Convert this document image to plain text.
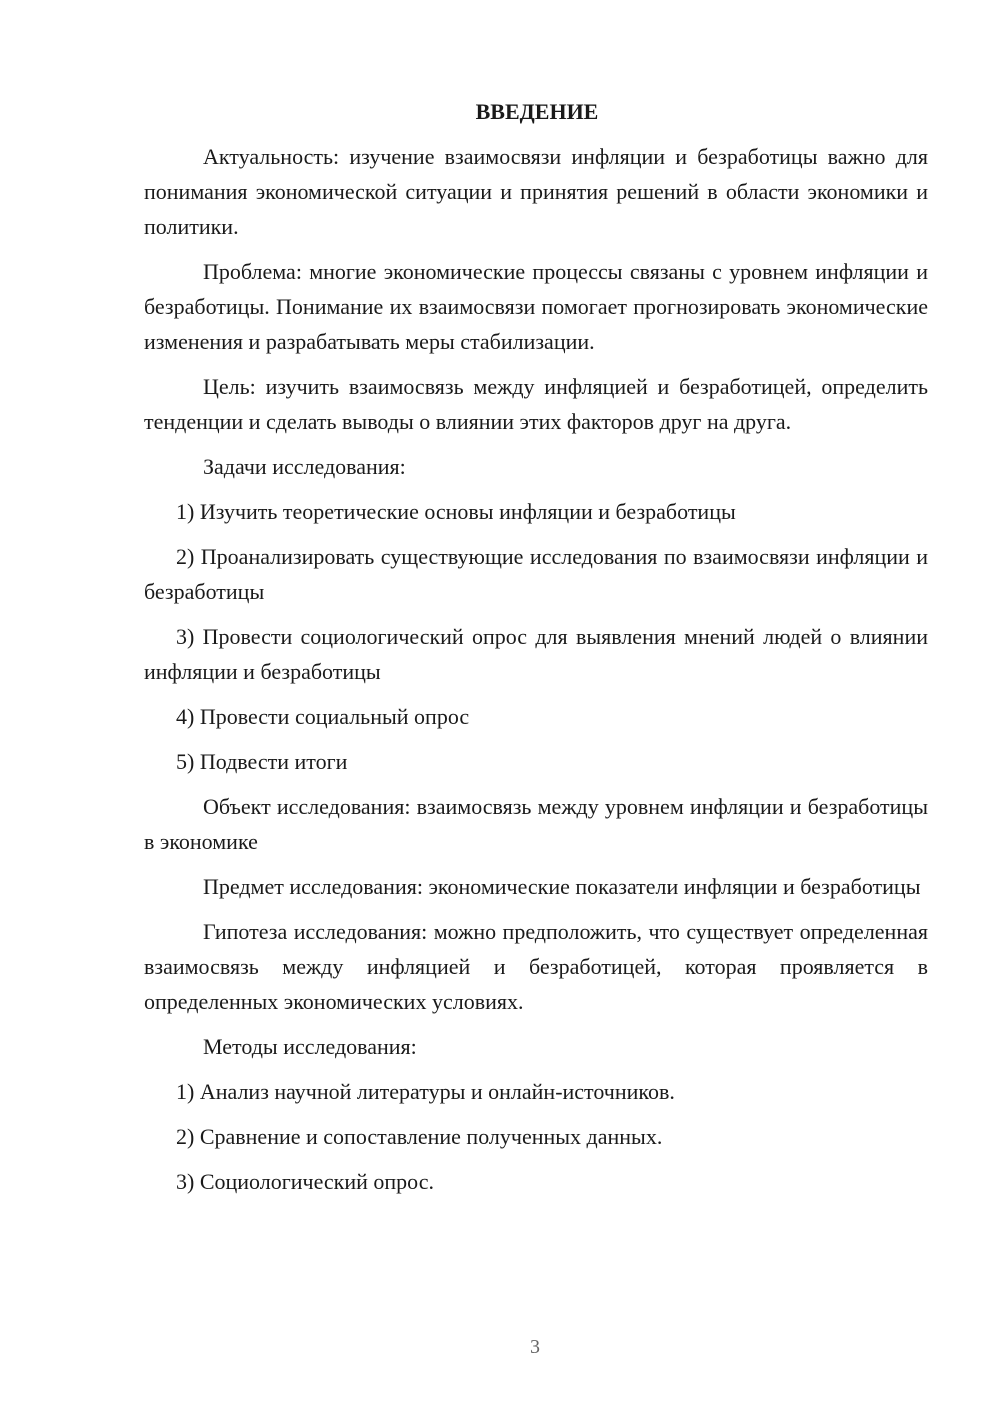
ВВЕДЕНИЕ

Актуальность: изучение взаимосвязи инфляции и безработицы важно для понимания экономической ситуации и принятия решений в области экономики и политики.

Проблема: многие экономические процессы связаны с уровнем инфляции и безработицы. Понимание их взаимосвязи помогает прогнозировать экономические изменения и разрабатывать меры стабилизации.

Цель: изучить взаимосвязь между инфляцией и безработицей, определить тенденции и сделать выводы о влиянии этих факторов друг на друга.

Задачи исследования:

1) Изучить теоретические основы инфляции и безработицы

2) Проанализировать существующие исследования по взаимосвязи инфляции и безработицы

3) Провести социологический опрос для выявления мнений людей о влиянии инфляции и безработицы

4) Провести социальный опрос

5) Подвести итоги

Объект исследования: взаимосвязь между уровнем инфляции и безработицы в экономике

Предмет исследования: экономические показатели инфляции и безработицы

Гипотеза исследования: можно предположить, что существует определенная взаимосвязь между инфляцией и безработицей, которая проявляется в определенных экономических условиях.

Методы исследования:

1) Анализ научной литературы и онлайн-источников.

2) Сравнение и сопоставление полученных данных.

3) Социологический опрос.

3
